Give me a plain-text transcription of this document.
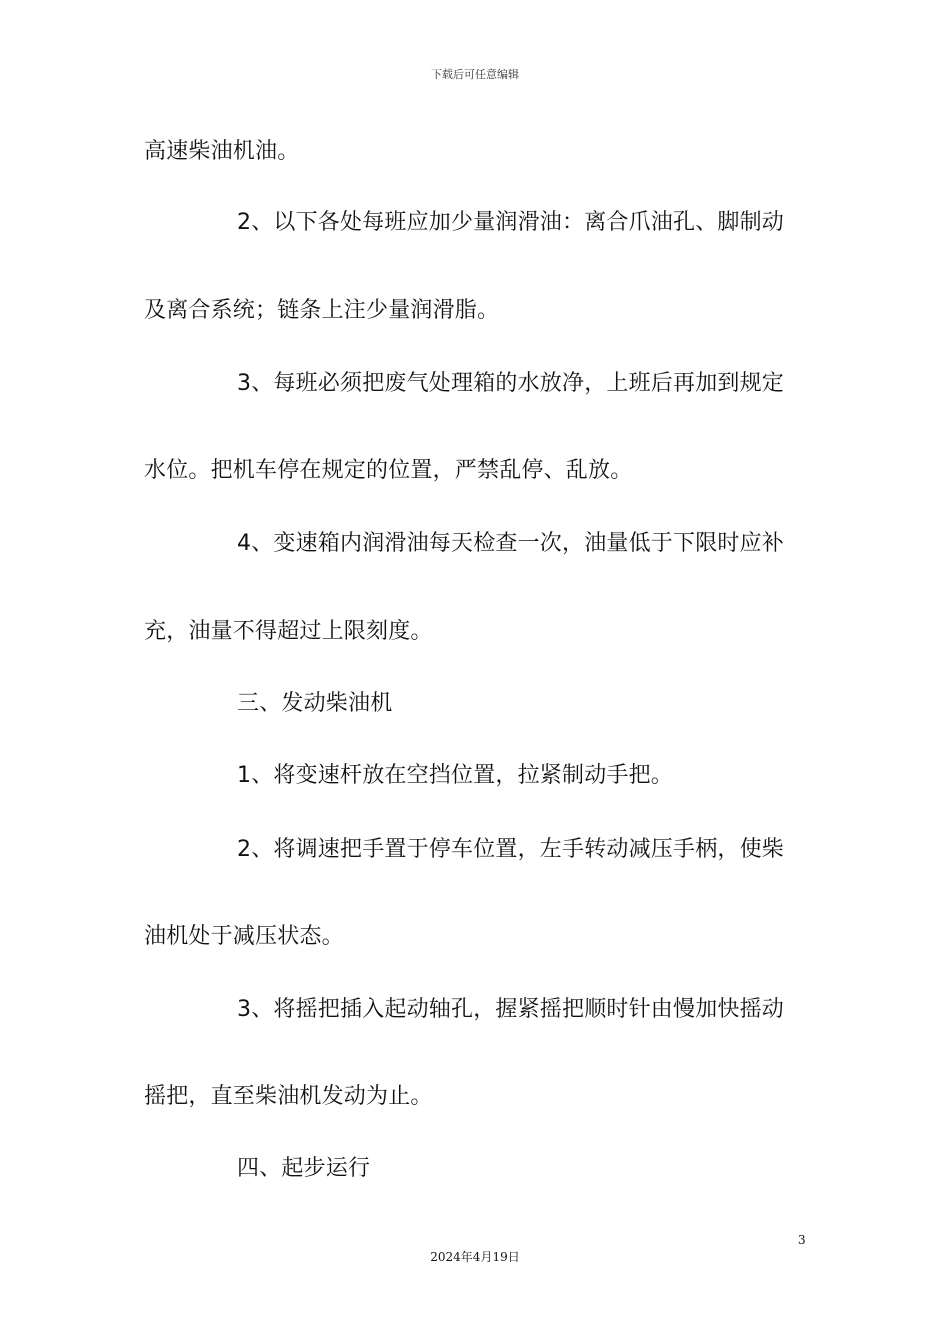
下载后可任意编辑
高速柴油机油。
2、以下各处每班应加少量润滑油：离合爪油孔、脚制动
及离合系统；链条上注少量润滑脂。
3、每班必须把废气处理箱的水放净，上班后再加到规定
水位。把机车停在规定的位置，严禁乱停、乱放。
4、变速箱内润滑油每天检查一次，油量低于下限时应补
充，油量不得超过上限刻度。
三、发动柴油机
1、将变速杆放在空挡位置，拉紧制动手把。
2、将调速把手置于停车位置，左手转动减压手柄，使柴
油机处于减压状态。
3、将摇把插入起动轴孔，握紧摇把顺时针由慢加快摇动
摇把，直至柴油机发动为止。
四、起步运行
3
2024年4月19日
